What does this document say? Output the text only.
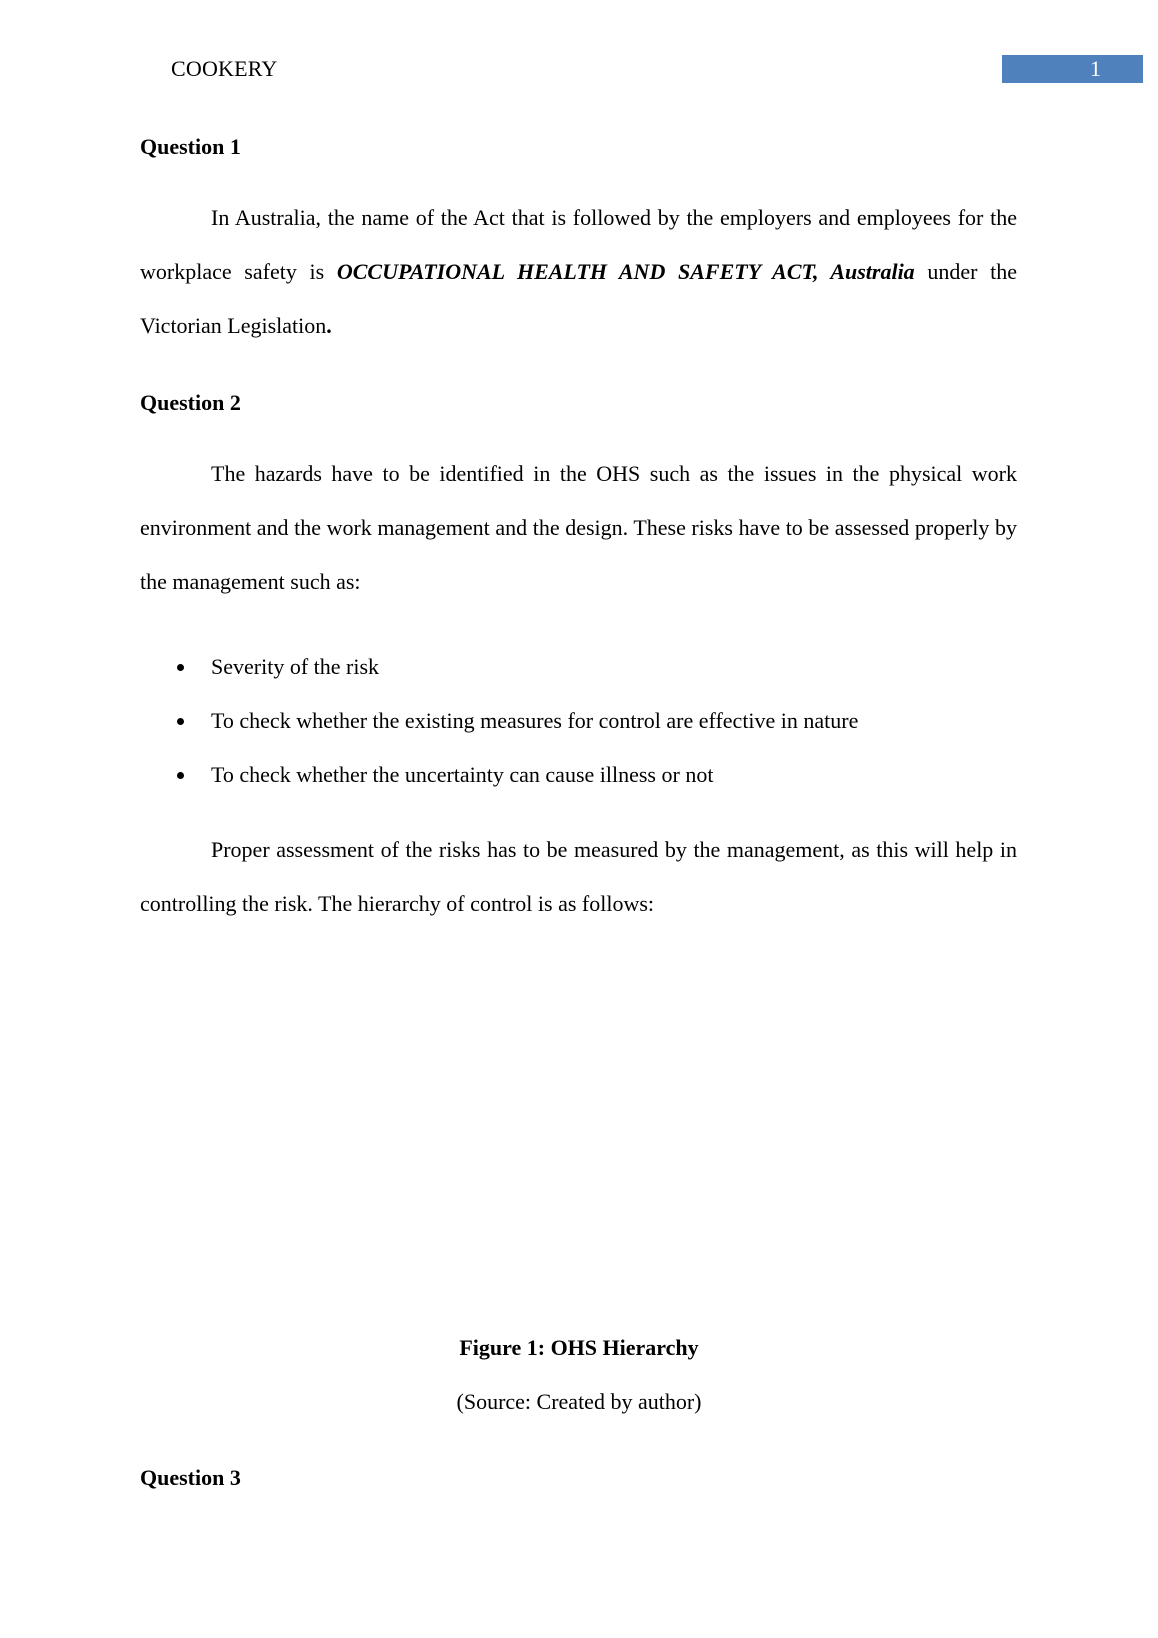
COOKERY	1
Question 1

In Australia, the name of the Act that is followed by the employers and employees for the workplace safety is OCCUPATIONAL HEALTH AND SAFETY ACT, Australia under the Victorian Legislation.

Question 2

The hazards have to be identified in the OHS such as the issues in the physical work environment and the work management and the design. These risks have to be assessed properly by the management such as:

Severity of the risk
To check whether the existing measures for control are effective in nature
To check whether the uncertainty can cause illness or not

Proper assessment of the risks has to be measured by the management, as this will help in controlling the risk. The hierarchy of control is as follows:

Question 3
Figure 1: OHS Hierarchy
(Source: Created by author)
